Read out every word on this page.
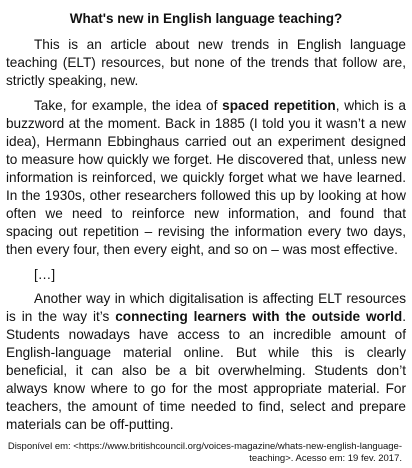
What's new in English language teaching?

This is an article about new trends in English language teaching (ELT) resources, but none of the trends that follow are, strictly speaking, new.

Take, for example, the idea of spaced repetition, which is a buzzword at the moment. Back in 1885 (I told you it wasn’t a new idea), Hermann Ebbinghaus carried out an experiment designed to measure how quickly we forget. He discovered that, unless new information is reinforced, we quickly forget what we have learned. In the 1930s, other researchers followed this up by looking at how often we need to reinforce new information, and found that spacing out repetition – revising the information every two days, then every four, then every eight, and so on – was most effective.

[…]

Another way in which digitalisation is affecting ELT resources is in the way it’s connecting learners with the outside world. Students nowadays have access to an incredible amount of English-language material online. But while this is clearly beneficial, it can also be a bit overwhelming. Students don’t always know where to go for the most appropriate material. For teachers, the amount of time needed to find, select and prepare materials can be off-putting.

Disponível em: <https://www.britishcouncil.org/voices-magazine/whats-new-english-language-
teaching>. Acesso em: 19 fev. 2017.
